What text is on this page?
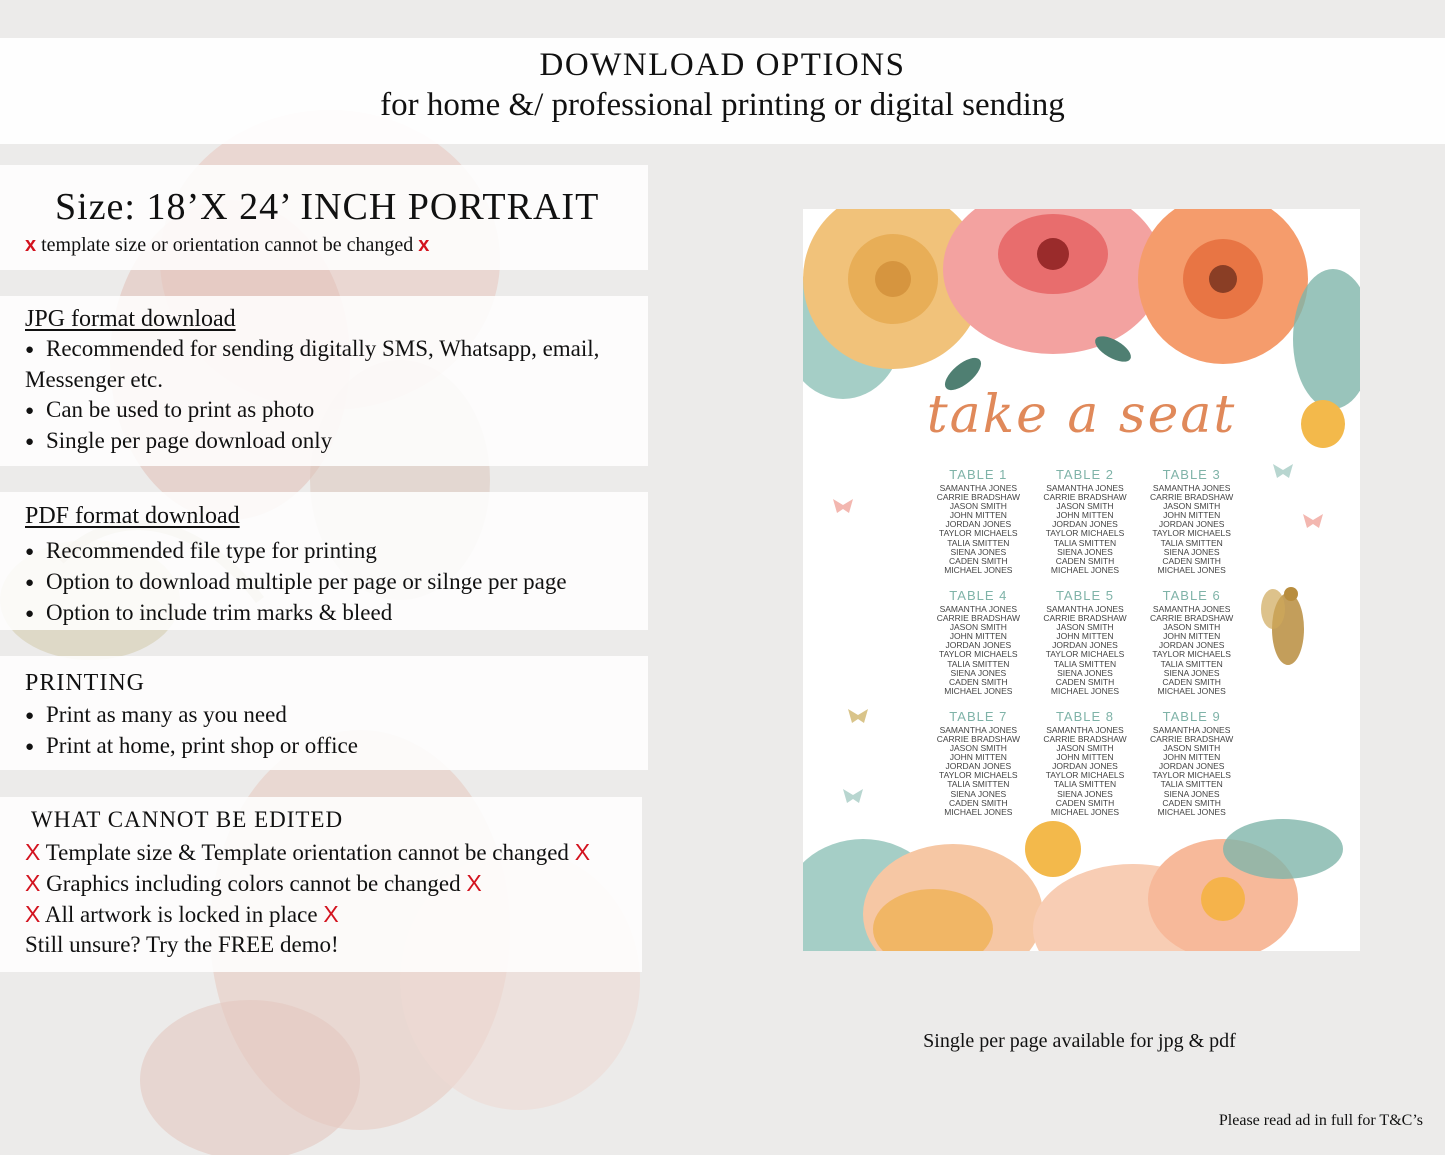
DOWNLOAD OPTIONS
for home &/ professional printing or digital sending
Size: 18’X 24’ INCH PORTRAIT
x template size or orientation cannot be changed x
JPG format download
● Recommended for sending digitally SMS, Whatsapp, email,
Messenger etc.
● Can be used to print as photo
● Single per page download only
PDF format download
● Recommended file type for printing
● Option to download multiple per page or silnge per page
● Option to include trim marks & bleed
PRINTING
● Print as many as you need
● Print at home, print shop or office
WHAT CANNOT BE EDITED
X Template size & Template orientation cannot be changed X
X Graphics including colors cannot be changed X
X All artwork is locked in place X
Still unsure? Try the FREE demo!
take a seat
TABLE 1
SAMANTHA JONES
CARRIE BRADSHAW
JASON SMITH
JOHN MITTEN
JORDAN JONES
TAYLOR MICHAELS
TALIA SMITTEN
SIENA JONES
CADEN SMITH
MICHAEL JONES
TABLE 2
SAMANTHA JONES
CARRIE BRADSHAW
JASON SMITH
JOHN MITTEN
JORDAN JONES
TAYLOR MICHAELS
TALIA SMITTEN
SIENA JONES
CADEN SMITH
MICHAEL JONES
TABLE 3
SAMANTHA JONES
CARRIE BRADSHAW
JASON SMITH
JOHN MITTEN
JORDAN JONES
TAYLOR MICHAELS
TALIA SMITTEN
SIENA JONES
CADEN SMITH
MICHAEL JONES
TABLE 4
SAMANTHA JONES
CARRIE BRADSHAW
JASON SMITH
JOHN MITTEN
JORDAN JONES
TAYLOR MICHAELS
TALIA SMITTEN
SIENA JONES
CADEN SMITH
MICHAEL JONES
TABLE 5
SAMANTHA JONES
CARRIE BRADSHAW
JASON SMITH
JOHN MITTEN
JORDAN JONES
TAYLOR MICHAELS
TALIA SMITTEN
SIENA JONES
CADEN SMITH
MICHAEL JONES
TABLE 6
SAMANTHA JONES
CARRIE BRADSHAW
JASON SMITH
JOHN MITTEN
JORDAN JONES
TAYLOR MICHAELS
TALIA SMITTEN
SIENA JONES
CADEN SMITH
MICHAEL JONES
TABLE 7
SAMANTHA JONES
CARRIE BRADSHAW
JASON SMITH
JOHN MITTEN
JORDAN JONES
TAYLOR MICHAELS
TALIA SMITTEN
SIENA JONES
CADEN SMITH
MICHAEL JONES
TABLE 8
SAMANTHA JONES
CARRIE BRADSHAW
JASON SMITH
JOHN MITTEN
JORDAN JONES
TAYLOR MICHAELS
TALIA SMITTEN
SIENA JONES
CADEN SMITH
MICHAEL JONES
TABLE 9
SAMANTHA JONES
CARRIE BRADSHAW
JASON SMITH
JOHN MITTEN
JORDAN JONES
TAYLOR MICHAELS
TALIA SMITTEN
SIENA JONES
CADEN SMITH
MICHAEL JONES
Single per page available for jpg & pdf
Please read ad in full for T&C’s
